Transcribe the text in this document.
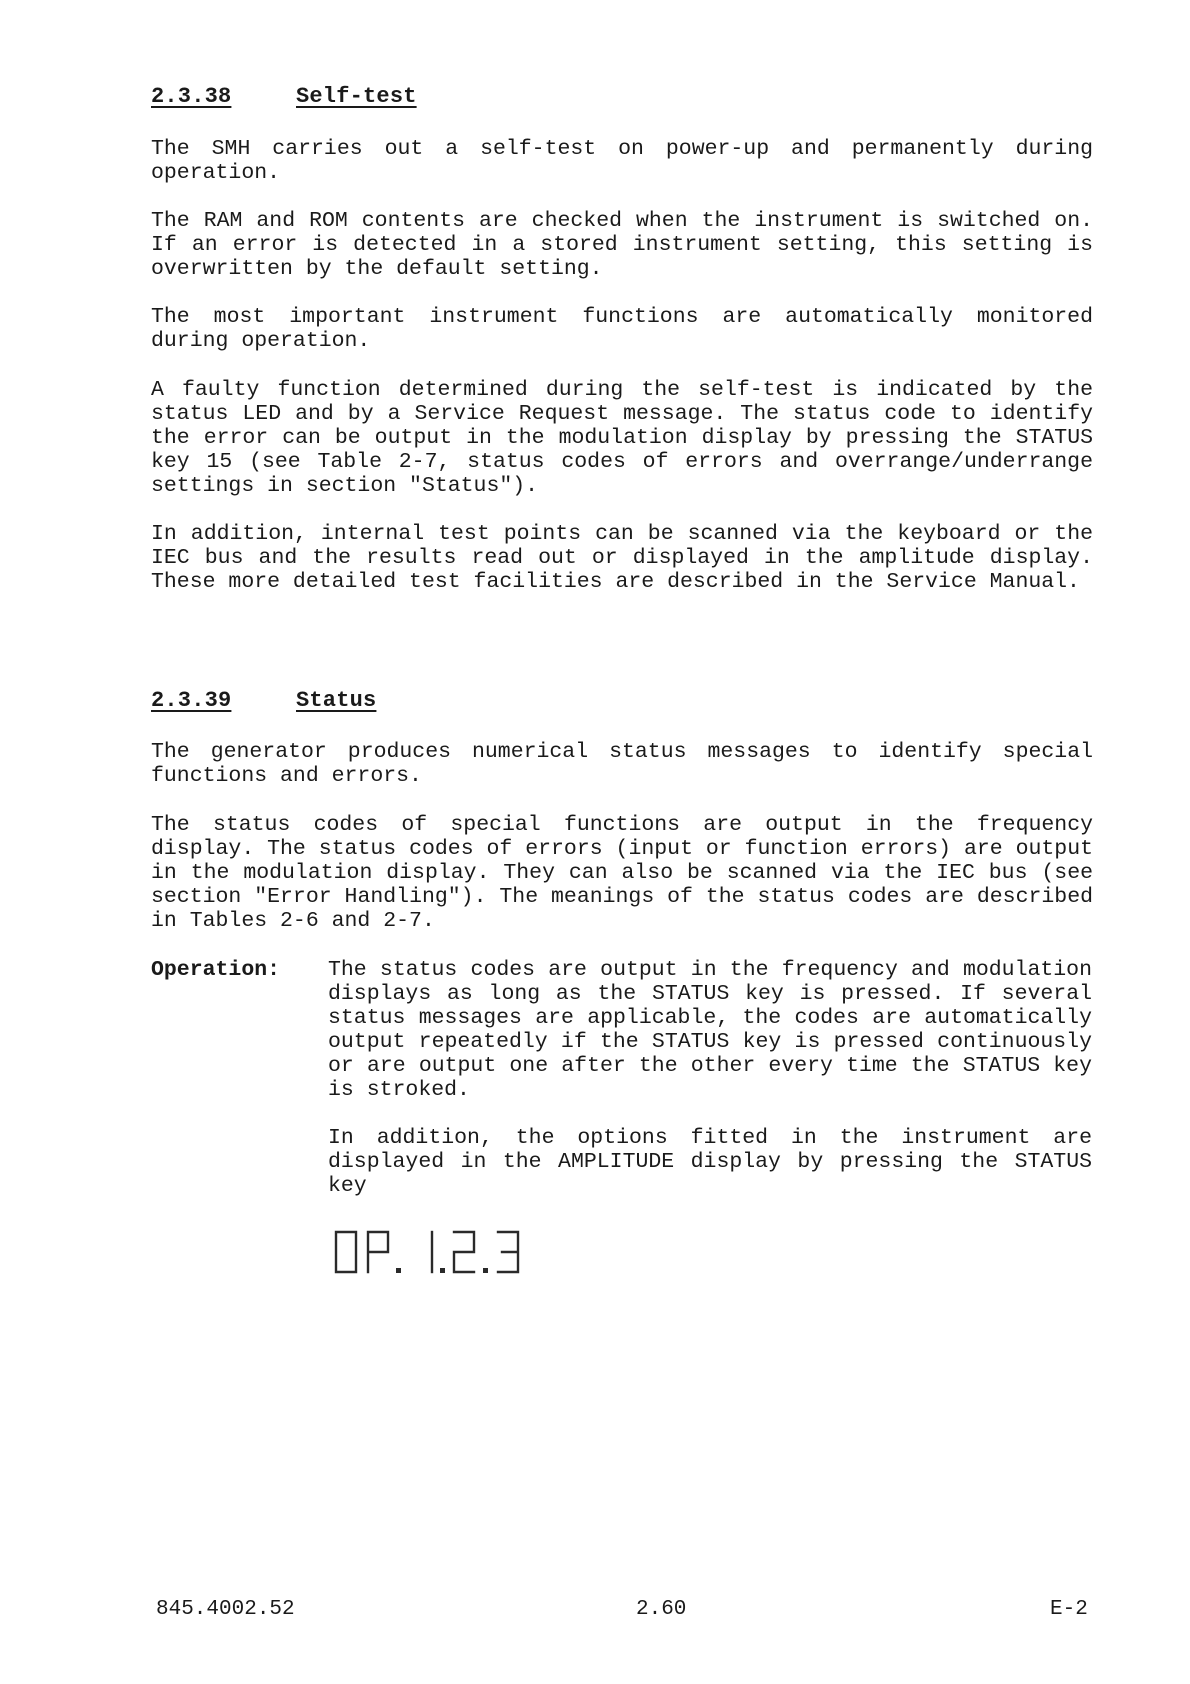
2.3.38	Self-test

The SMH carries out a self-test on power-up and permanently during operation.

The RAM and ROM contents are checked when the instrument is switched on. If an error is detected in a stored instrument setting, this setting is overwritten by the default setting.

The most important instrument functions are automatically monitored during operation.

A faulty function determined during the self-test is indicated by the status LED and by a Service Request message. The status code to identify the error can be output in the modulation display by pressing the STATUS key 15 (see Table 2-7, status codes of errors and overrange/underrange settings in section "Status").

In addition, internal test points can be scanned via the keyboard or the IEC bus and the results read out or displayed in the amplitude display. These more detailed test facilities are described in the Service Manual.

2.3.39	Status

The generator produces numerical status messages to identify special functions and errors.

The status codes of special functions are output in the frequency display. The status codes of errors (input or function errors) are output in the modulation display. They can also be scanned via the IEC bus (see section "Error Handling"). The meanings of the status codes are described in Tables 2-6 and 2-7.

Operation: The status codes are output in the frequency and modulation displays as long as the STATUS key is pressed. If several status messages are applicable, the codes are automatically output repeatedly if the STATUS key is pressed continuously or are output one after the other every time the STATUS key is stroked.

In addition, the options fitted in the instrument are displayed in the AMPLITUDE display by pressing the STATUS key

845.4002.52	2.60	E-2
